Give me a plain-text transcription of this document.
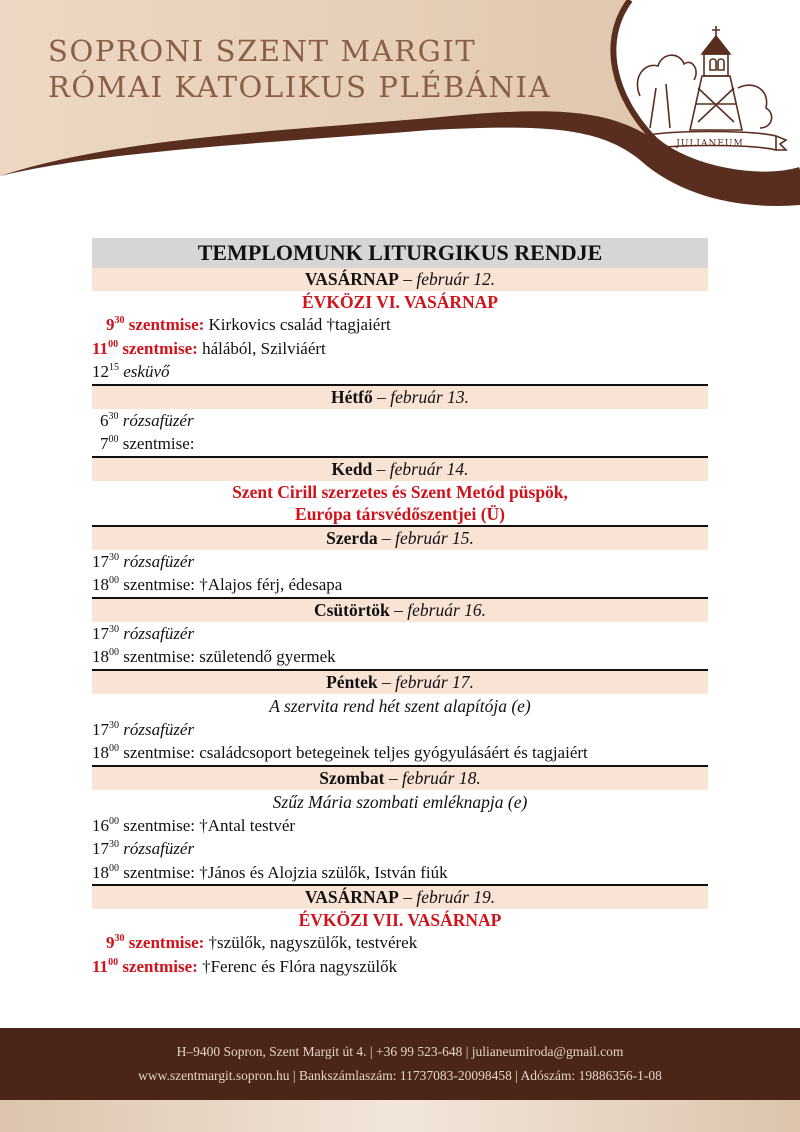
JULIANEUM
SOPRONI SZENT MARGIT
RÓMAI KATOLIKUS PLÉBÁNIA
TEMPLOMUNK LITURGIKUS RENDJE
VASÁRNAP – február 12.
ÉVKÖZI VI. VASÁRNAP
$9^{30}$ szentmise: Kirkovics család †tagjaiért
$11^{00}$ szentmise: hálából, Szilviáért
$12^{15}$ esküvő
Hétfő – február 13.
$6^{30}$ rózsafüzér
$7^{00}$ szentmise:
Kedd – február 14.
Szent Cirill szerzetes és Szent Metód püspök,
Európa társvédőszentjei (Ü)
Szerda – február 15.
$17^{30}$ rózsafüzér
$18^{00}$ szentmise: †Alajos férj, édesapa
Csütörtök – február 16.
$17^{30}$ rózsafüzér
$18^{00}$ szentmise: születendő gyermek
Péntek – február 17.
A szervita rend hét szent alapítója (e)
$17^{30}$ rózsafüzér
$18^{00}$ szentmise: családcsoport betegeinek teljes gyógyulásáért és tagjaiért
Szombat – február 18.
Szűz Mária szombati emléknapja (e)
$16^{00}$ szentmise: †Antal testvér
$17^{30}$ rózsafüzér
$18^{00}$ szentmise: †János és Alojzia szülők, István fiúk
VASÁRNAP – február 19.
ÉVKÖZI VII. VASÁRNAP
$9^{30}$ szentmise: †szülők, nagyszülők, testvérek
$11^{00}$ szentmise: †Ferenc és Flóra nagyszülők
H–9400 Sopron, Szent Margit út 4. | +36 99 523-648 | julianeumiroda@gmail.com
www.szentmargit.sopron.hu | Bankszámlaszám: 11737083-20098458 | Adószám: 19886356-1-08
